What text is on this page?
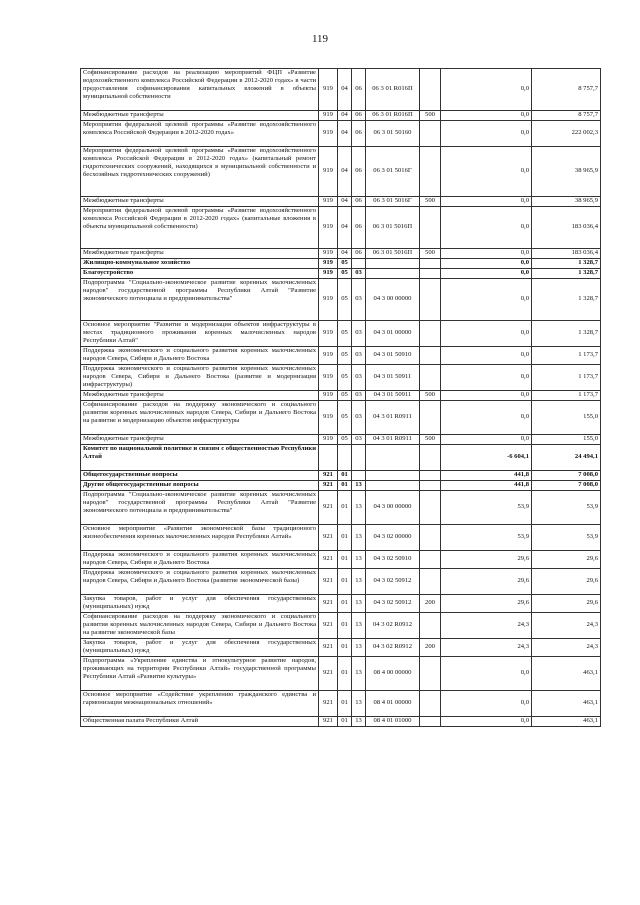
119
Софинансирование расходов на реализацию мероприятий ФЦП «Развитие водохозяйственного комплекса Российской Федерации в 2012-2020 годах» в части предоставления софинансирования капитальных вложений в объекты муниципальной собственности	919	04	06	06 3 01 R016П		0,0	8 757,7
Межбюджетные трансферты	919	04	06	06 3 01 R016П	500	0,0	8 757,7
Мероприятия федеральной целевой программы «Развитие водохозяйственного комплекса Российской Федерации в 2012-2020 годах»	919	04	06	06 3 01 50160		0,0	222 002,3
Мероприятия федеральной целевой программы «Развитие водохозяйственного комплекса Российской Федерации в 2012-2020 годах» (капитальный ремонт гидротехнических сооружений, находящихся в муниципальной собственности и бесхозяйных гидротехнических сооружений)	919	04	06	06 3 01 5016Г		0,0	38 965,9
Межбюджетные трансферты	919	04	06	06 3 01 5016Г	500	0,0	38 965,9
Мероприятия федеральной целевой программы «Развитие водохозяйственного комплекса Российской Федерации в 2012-2020 годах» (капитальные вложения в объекты муниципальной собственности)	919	04	06	06 3 01 5016П		0,0	183 036,4
Межбюджетные трансферты	919	04	06	06 3 01 5016П	500	0,0	183 036,4
Жилищно-коммунальное хозяйство	919	05				0,0	1 328,7
Благоустройство	919	05	03			0,0	1 328,7
Подпрограмма "Социально-экономическое развитие коренных малочисленных народов" государственной программы Республики Алтай "Развитие экономического потенциала и предпринимательства"	919	05	03	04 3 00 00000		0,0	1 328,7
Основное мероприятие "Развитие и модернизация объектов инфраструктуры в местах традиционного проживания коренных малочисленных народов Республики Алтай"	919	05	03	04 3 01 00000		0,0	1 328,7
Поддержка экономического и социального развития коренных малочисленных народов Севера, Сибири и Дальнего Востока	919	05	03	04 3 01 50910		0,0	1 173,7
Поддержка экономического и социального развития коренных малочисленных народов Севера, Сибири и Дальнего Востока (развитие и модернизация инфраструктуры)	919	05	03	04 3 01 50911		0,0	1 173,7
Межбюджетные трансферты	919	05	03	04 3 01 50911	500	0,0	1 173,7
Софинансирование расходов на поддержку экономического и социального развития коренных малочисленных народов Севера, Сибири и Дальнего Востока на развитие и модернизацию объектов инфраструктуры	919	05	03	04 3 01 R0911		0,0	155,0
Межбюджетные трансферты	919	05	03	04 3 01 R0911	500	0,0	155,0
Комитет по национальной политике и связям с общественностью Республики Алтай						-6 604,1	24 494,1
Общегосударственные вопросы	921	01				441,8	7 008,0
Другие общегосударственные вопросы	921	01	13			441,8	7 008,0
Подпрограмма "Социально-экономическое развитие коренных малочисленных народов" государственной программы Республики Алтай "Развитие экономического потенциала и предпринимательства"	921	01	13	04 3 00 00000		53,9	53,9
Основное мероприятие «Развитие экономической базы традиционного жизнеобеспечения коренных малочисленных народов Республики Алтай»	921	01	13	04 3 02 00000		53,9	53,9
Поддержка экономического и социального развития коренных малочисленных народов Севера, Сибири и Дальнего Востока	921	01	13	04 3 02 50910		29,6	29,6
Поддержка экономического и социального развития коренных малочисленных народов Севера, Сибири и Дальнего Востока (развитие экономической базы)	921	01	13	04 3 02 50912		29,6	29,6
Закупка товаров, работ и услуг для обеспечения государственных (муниципальных) нужд	921	01	13	04 3 02 50912	200	29,6	29,6
Софинансирование расходов на поддержку экономического и социального развития коренных малочисленных народов Севера, Сибири и Дальнего Востока на развитие экономической базы	921	01	13	04 3 02 R0912		24,3	24,3
Закупка товаров, работ и услуг для обеспечения государственных (муниципальных) нужд	921	01	13	04 3 02 R0912	200	24,3	24,3
Подпрограмма «Укрепление единства и этнокультурное развитие народов, проживающих на территории Республики Алтай» государственной программы Республики Алтай «Развитие культуры»	921	01	13	08 4 00 00000		0,0	463,1
Основное мероприятие «Содействие укреплению гражданского единства и гармонизация межнациональных отношений»	921	01	13	08 4 01 00000		0,0	463,1
Общественная палата Республики Алтай	921	01	13	08 4 01 01000		0,0	463,1
